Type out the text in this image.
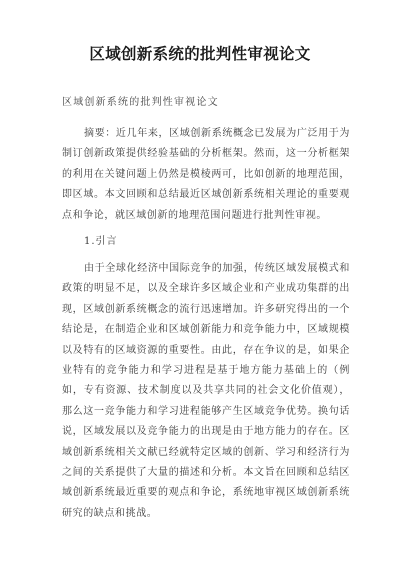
区域创新系统的批判性审视论文
区域创新系统的批判性审视论文
摘要：近几年来，区域创新系统概念已发展为广泛用于为制订创新政策提供经验基础的分析框架。然而，这一分析框架的利用在关键问题上仍然是模棱两可，比如创新的地理范围，即区域。本文回顾和总结最近区域创新系统相关理论的重要观点和争论，就区域创新的地理范围问题进行批判性审视。
1.引言
由于全球化经济中国际竞争的加强，传统区域发展模式和政策的明显不足，以及全球许多区域企业和产业成功集群的出现，区域创新系统概念的流行迅速增加。许多研究得出的一个结论是，在制造企业和区域创新能力和竞争能力中，区域规模以及特有的区域资源的重要性。由此，存在争议的是，如果企业特有的竞争能力和学习进程是基于地方能力基础上的（例如，专有资源、技术制度以及共享共同的社会文化价值观），那么这一竞争能力和学习进程能够产生区域竞争优势。换句话说，区域发展以及竞争能力的出现是由于地方能力的存在。区域创新系统相关文献已经就特定区域的创新、学习和经济行为之间的关系提供了大量的描述和分析。本文旨在回顾和总结区域创新系统最近重要的观点和争论，系统地审视区域创新系统研究的缺点和挑战。
